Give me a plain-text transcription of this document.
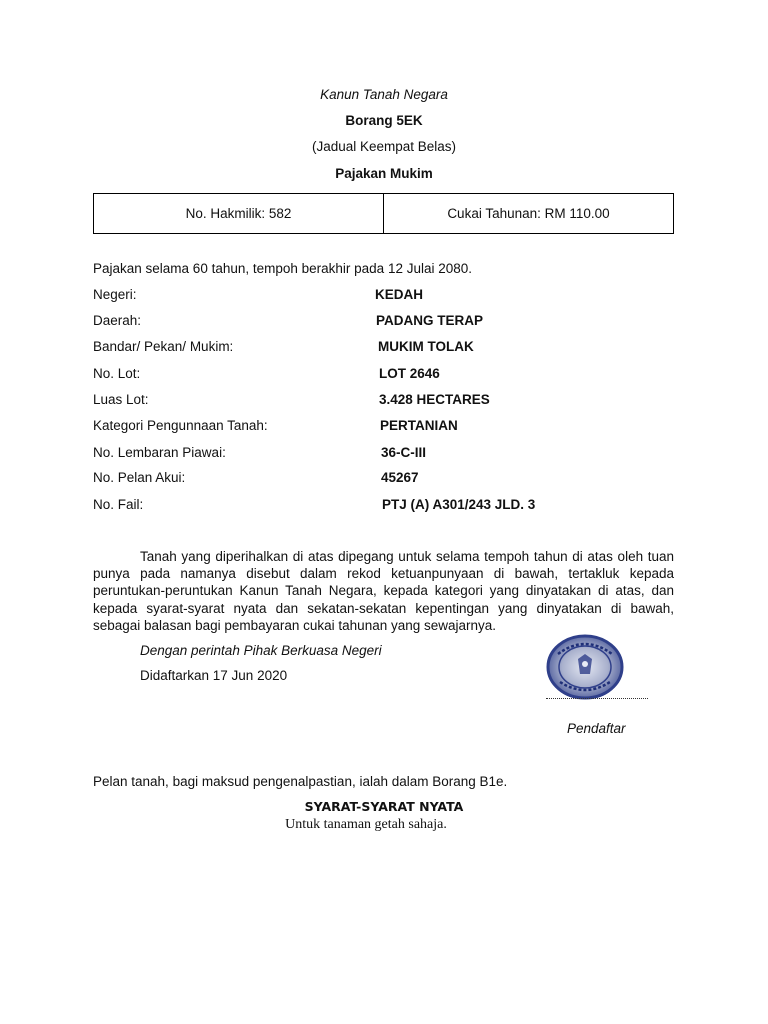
Kanun Tanah Negara
Borang 5EK
(Jadual Keempat Belas)
Pajakan Mukim
No. Hakmilik: 582	Cukai Tahunan: RM 110.00
Pajakan selama 60 tahun, tempoh berakhir pada 12 Julai 2080.
Negeri:	KEDAH
Daerah:	PADANG TERAP
Bandar/ Pekan/ Mukim:	MUKIM TOLAK
No. Lot:	LOT 2646
Luas Lot:	3.428 HECTARES
Kategori Pengunnaan Tanah:	PERTANIAN
No. Lembaran Piawai:	36-C-III
No. Pelan Akui:	45267
No. Fail:	PTJ (A) A301/243 JLD. 3
Tanah yang diperihalkan di atas dipegang untuk selama tempoh tahun di atas oleh tuan punya pada namanya disebut dalam rekod ketuanpunyaan di bawah, tertakluk kepada peruntukan-peruntukan Kanun Tanah Negara, kepada kategori yang dinyatakan di atas, dan kepada syarat-syarat nyata dan sekatan-sekatan kepentingan yang dinyatakan di bawah, sebagai balasan bagi pembayaran cukai tahunan yang sewajarnya.
Dengan perintah Pihak Berkuasa Negeri
Didaftarkan 17 Jun 2020
Pendaftar
Pelan tanah, bagi maksud pengenalpastian, ialah dalam Borang B1e.
SYARAT-SYARAT NYATA
Untuk tanaman getah sahaja.
